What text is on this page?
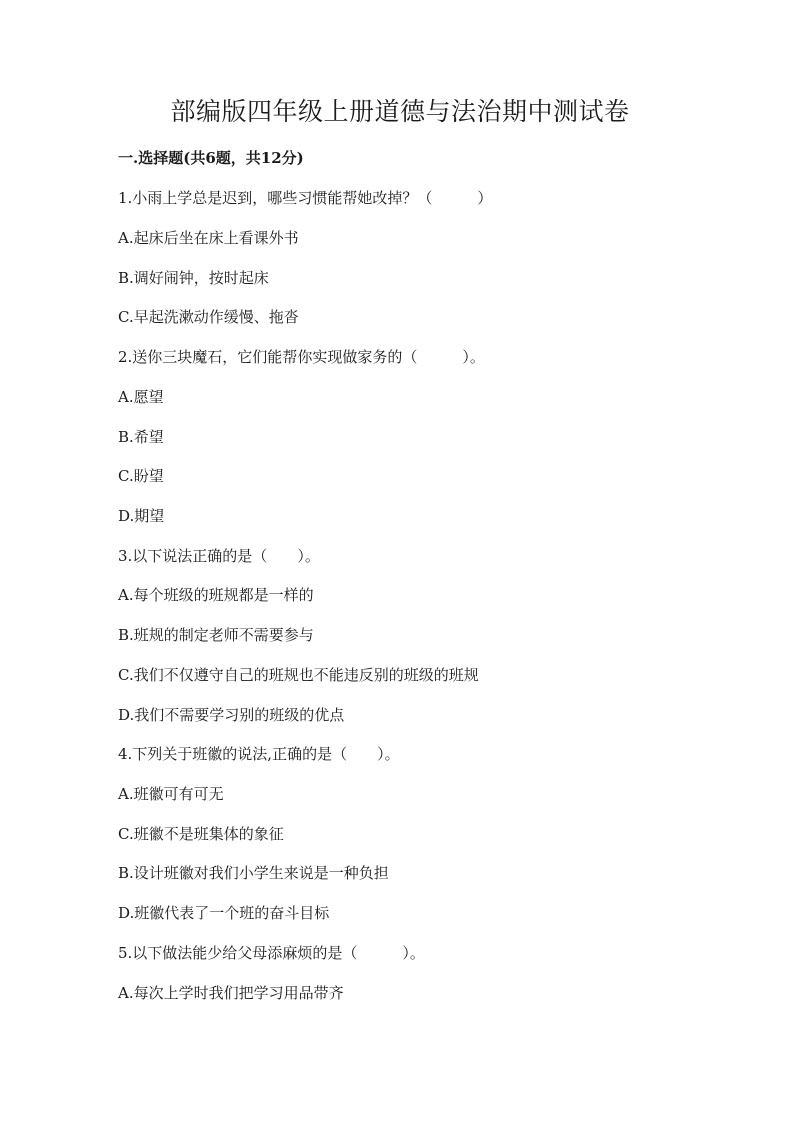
部编版四年级上册道德与法治期中测试卷
一.选择题(共6题，共12分)
1.小雨上学总是迟到，哪些习惯能帮她改掉？（　　　）
A.起床后坐在床上看课外书
B.调好闹钟，按时起床
C.早起洗漱动作缓慢、拖沓
2.送你三块魔石，它们能帮你实现做家务的（　　　）。
A.愿望
B.希望
C.盼望
D.期望
3.以下说法正确的是（　　）。
A.每个班级的班规都是一样的
B.班规的制定老师不需要参与
C.我们不仅遵守自己的班规也不能违反别的班级的班规
D.我们不需要学习别的班级的优点
4.下列关于班徽的说法,正确的是（　　）。
A.班徽可有可无
C.班徽不是班集体的象征
B.设计班徽对我们小学生来说是一种负担
D.班徽代表了一个班的奋斗目标
5.以下做法能少给父母添麻烦的是（　　　）。
A.每次上学时我们把学习用品带齐
